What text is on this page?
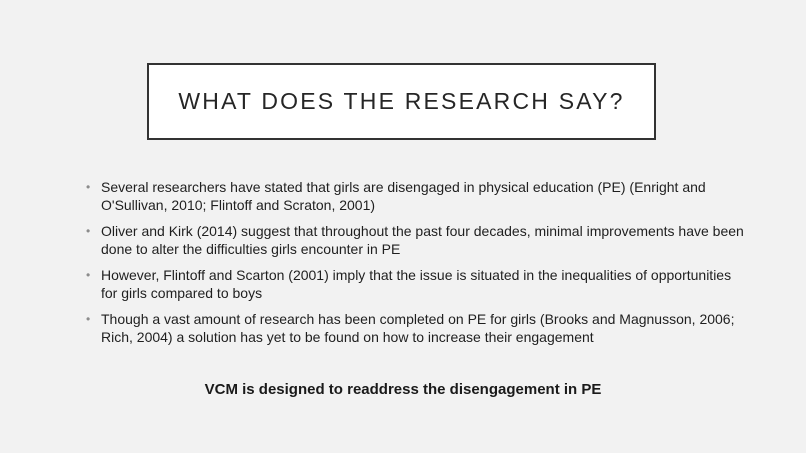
WHAT DOES THE RESEARCH SAY?
• Several researchers have stated that girls are disengaged in physical education (PE) (Enright and O'Sullivan, 2010; Flintoff and Scraton, 2001)
• Oliver and Kirk (2014) suggest that throughout the past four decades, minimal improvements have been done to alter the difficulties girls encounter in PE
• However, Flintoff and Scarton (2001) imply that the issue is situated in the inequalities of opportunities for girls compared to boys
• Though a vast amount of research has been completed on PE for girls (Brooks and Magnusson, 2006; Rich, 2004) a solution has yet to be found on how to increase their engagement

VCM is designed to readdress the disengagement in PE
